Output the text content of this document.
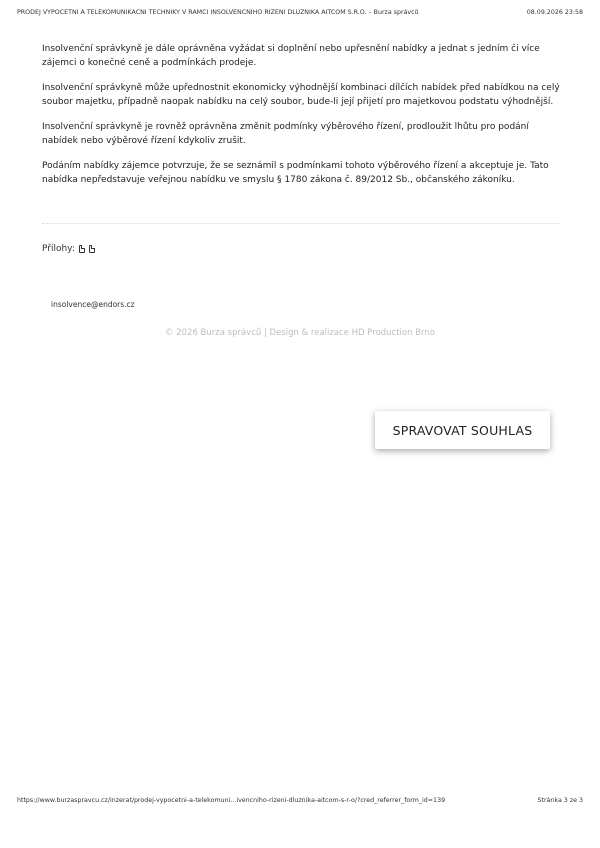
PRODEJ VÝPOČETNÍ A TELEKOMUNIKAČNÍ TECHNIKY V RÁMCI INSOLVENČNÍHO ŘÍZENÍ DLUŽNÍKA AITCOM S.R.O. – Burza správců	08.09.2026 23:58

Insolvenční správkyně je dále oprávněna vyžádat si doplnění nebo upřesnění nabídky a jednat s jedním či více zájemci o konečné ceně a podmínkách prodeje.

Insolvenční správkyně může upřednostnit ekonomicky výhodnější kombinaci dílčích nabídek před nabídkou na celý soubor majetku, případně naopak nabídku na celý soubor, bude-li její přijetí pro majetkovou podstatu výhodnější.

Insolvenční správkyně je rovněž oprávněna změnit podmínky výběrového řízení, prodloužit lhůtu pro podání nabídek nebo výběrové řízení kdykoliv zrušit.

Podáním nabídky zájemce potvrzuje, že se seznámil s podmínkami tohoto výběrového řízení a akceptuje je. Tato nabídka nepředstavuje veřejnou nabídku ve smyslu § 1780 zákona č. 89/2012 Sb., občanského zákoníku.

Přílohy:
insolvence@endors.cz
© 2026 Burza správců | Design & realizace HD Production Brno
SPRAVOVAT SOUHLAS
https://www.burzaspravcu.cz/inzerat/prodej-vypocetni-a-telekomuni...ivencniho-rizeni-dluznika-aitcom-s-r-o/?cred_referrer_form_id=139	Stránka 3 ze 3
